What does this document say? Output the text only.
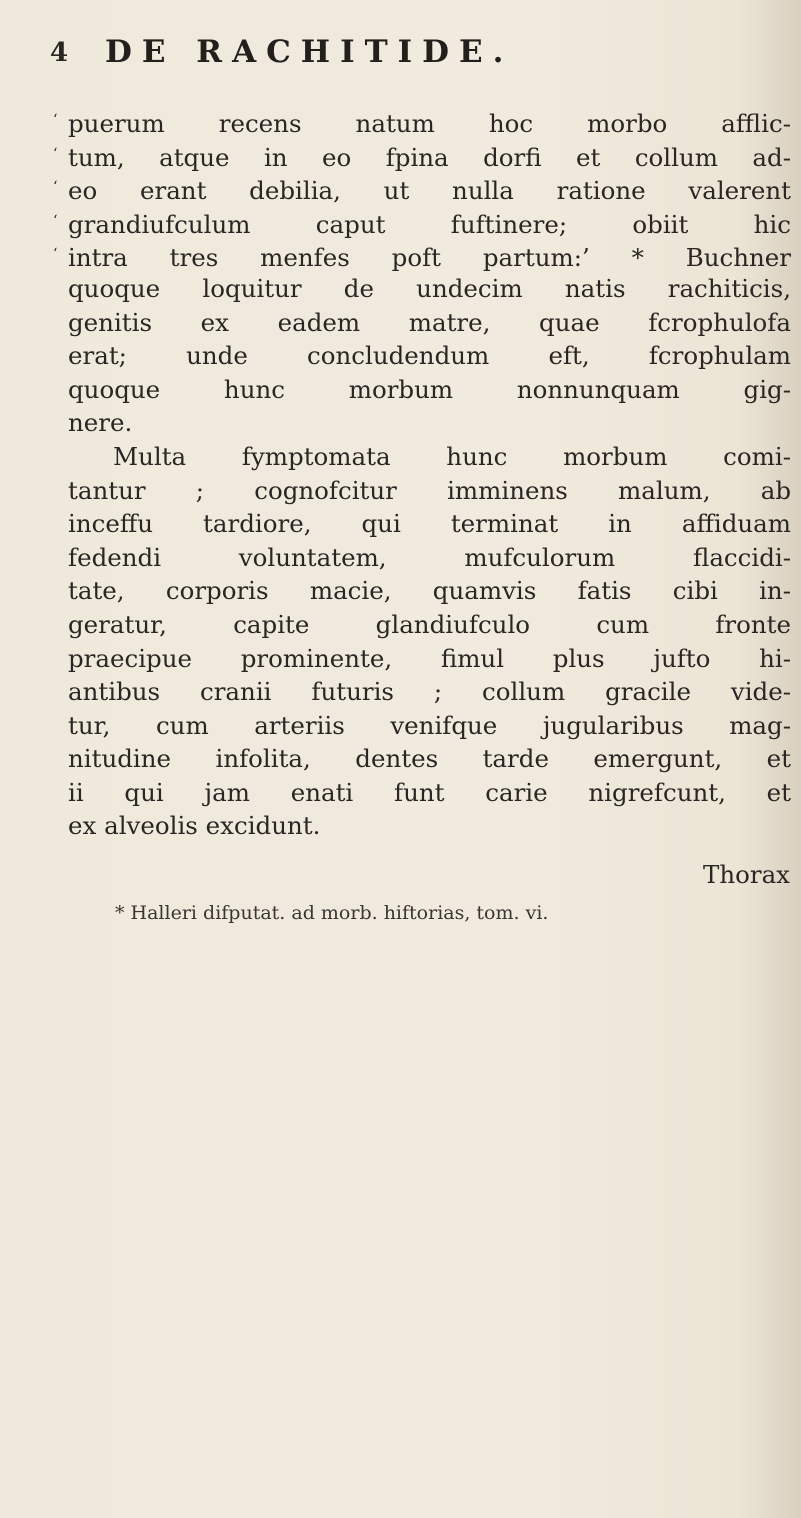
4 DE RACHITIDE.
‘ puerum recens natum hoc morbo afflic-
‘ tum, atque in eo fpina dorfi et collum ad-
‘ eo erant debilia, ut nulla ratione valerent
‘ grandiufculum caput fuftinere; obiit hic
‘ intra tres menfes poft partum:’ * Buchner
quoque loquitur de undecim natis rachiticis,
genitis ex eadem matre, quae fcrophulofa
erat; unde concludendum eft, fcrophulam
quoque hunc morbum nonnunquam gig-
nere.
Multa fymptomata hunc morbum comi-
tantur ; cognofcitur imminens malum, ab
inceffu tardiore, qui terminat in affiduam
fedendi voluntatem, mufculorum flaccidi-
tate, corporis macie, quamvis fatis cibi in-
geratur, capite glandiufculo cum fronte
praecipue prominente, fimul plus jufto hi-
antibus cranii futuris ; collum gracile vide-
tur, cum arteriis venifque jugularibus mag-
nitudine infolita, dentes tarde emergunt, et
ii qui jam enati funt carie nigrefcunt, et
ex alveolis excidunt.
Thorax
* Halleri difputat. ad morb. hiftorias, tom. vi.
